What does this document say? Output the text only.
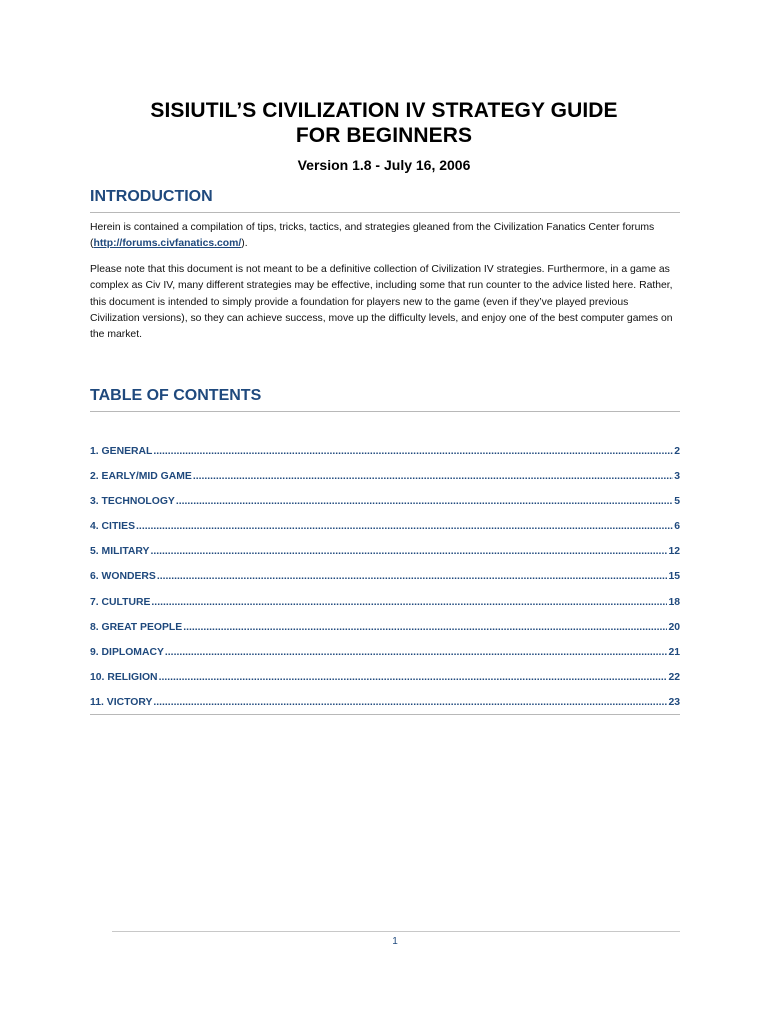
SISIUTIL’S CIVILIZATION IV STRATEGY GUIDE
FOR BEGINNERS
Version 1.8 - July 16, 2006
INTRODUCTION
Herein is contained a compilation of tips, tricks, tactics, and strategies gleaned from the Civilization Fanatics Center forums (http://forums.civfanatics.com/).
Please note that this document is not meant to be a definitive collection of Civilization IV strategies. Furthermore, in a game as complex as Civ IV, many different strategies may be effective, including some that run counter to the advice listed here. Rather, this document is intended to simply provide a foundation for players new to the game (even if they’ve played previous Civilization versions), so they can achieve success, move up the difficulty levels, and enjoy one of the best computer games on the market.
TABLE OF CONTENTS
1. GENERAL .....	2
2. EARLY/MID GAME .....	3
3. TECHNOLOGY .....	5
4. CITIES .....	6
5. MILITARY .....	12
6. WONDERS .....	15
7. CULTURE .....	18
8. GREAT PEOPLE .....	20
9. DIPLOMACY .....	21
10. RELIGION .....	22
11. VICTORY .....	23
1
